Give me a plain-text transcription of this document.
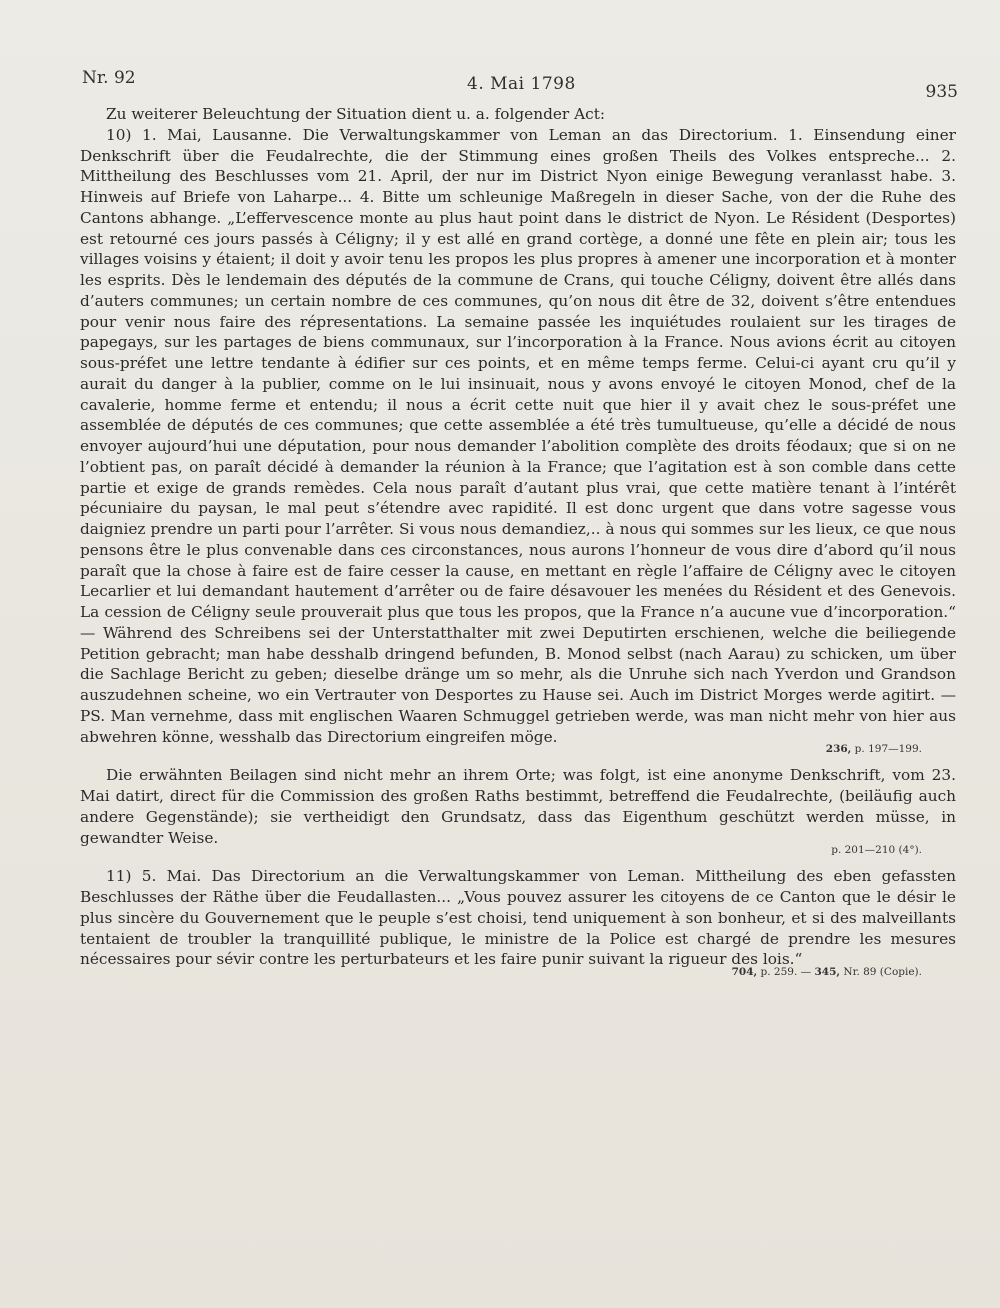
Nr. 92	4. Mai 1798	935

Zu weiterer Beleuchtung der Situation dient u. a. folgender Act:

10) 1. Mai, Lausanne. Die Verwaltungskammer von Leman an das Directorium. 1. Einsendung einer Denkschrift über die Feudalrechte, die der Stimmung eines großen Theils des Volkes entspreche... 2. Mittheilung des Beschlusses vom 21. April, der nur im District Nyon einige Bewegung veranlasst habe. 3. Hinweis auf Briefe von Laharpe... 4. Bitte um schleunige Maßregeln in dieser Sache, von der die Ruhe des Cantons abhange. „L’effervescence monte au plus haut point dans le district de Nyon. Le Résident (Desportes) est retourné ces jours passés à Céligny; il y est allé en grand cortège, a donné une fête en plein air; tous les villages voisins y étaient; il doit y avoir tenu les propos les plus propres à amener une incorporation et à monter les esprits. Dès le lendemain des députés de la commune de Crans, qui touche Céligny, doivent être allés dans d’auters communes; un certain nombre de ces communes, qu’on nous dit être de 32, doivent s’être entendues pour venir nous faire des répresentations. La semaine passée les inquiétudes roulaient sur les tirages de papegays, sur les partages de biens communaux, sur l’incorporation à la France. Nous avions écrit au citoyen sous-préfet une lettre tendante à édifier sur ces points, et en même temps ferme. Celui-ci ayant cru qu’il y aurait du danger à la publier, comme on le lui insinuait, nous y avons envoyé le citoyen Monod, chef de la cavalerie, homme ferme et entendu; il nous a écrit cette nuit que hier il y avait chez le sous-préfet une assemblée de députés de ces communes; que cette assemblée a été très tumultueuse, qu’elle a décidé de nous envoyer aujourd’hui une députation, pour nous demander l’abolition complète des droits féodaux; que si on ne l’obtient pas, on paraît décidé à demander la réunion à la France; que l’agitation est à son comble dans cette partie et exige de grands remèdes. Cela nous paraît d’autant plus vrai, que cette matière tenant à l’intérêt pécuniaire du paysan, le mal peut s’étendre avec rapidité. Il est donc urgent que dans votre sagesse vous daigniez prendre un parti pour l’arrêter. Si vous nous demandiez,.. à nous qui sommes sur les lieux, ce que nous pensons être le plus convenable dans ces circonstances, nous aurons l’honneur de vous dire d’abord qu’il nous paraît que la chose à faire est de faire cesser la cause, en mettant en règle l’affaire de Céligny avec le citoyen Lecarlier et lui demandant hautement d’arrêter ou de faire désavouer les menées du Résident et des Genevois. La cession de Céligny seule prouverait plus que tous les propos, que la France n’a aucune vue d’incorporation.“ — Während des Schreibens sei der Unterstatthalter mit zwei Deputirten erschienen, welche die beiliegende Petition gebracht; man habe desshalb dringend befunden, B. Monod selbst (nach Aarau) zu schicken, um über die Sachlage Bericht zu geben; dieselbe dränge um so mehr, als die Unruhe sich nach Yverdon und Grandson auszudehnen scheine, wo ein Vertrauter von Desportes zu Hause sei. Auch im District Morges werde agitirt. — PS. Man vernehme, dass mit englischen Waaren Schmuggel getrieben werde, was man nicht mehr von hier aus abwehren könne, wesshalb das Directorium eingreifen möge.

236, p. 197—199.

Die erwähnten Beilagen sind nicht mehr an ihrem Orte; was folgt, ist eine anonyme Denkschrift, vom 23. Mai datirt, direct für die Commission des großen Raths bestimmt, betreffend die Feudalrechte, (beiläufig auch andere Gegenstände); sie vertheidigt den Grundsatz, dass das Eigenthum geschützt werden müsse, in gewandter Weise.

p. 201—210 (4°).

11) 5. Mai. Das Directorium an die Verwaltungskammer von Leman. Mittheilung des eben gefassten Beschlusses der Räthe über die Feudallasten... „Vous pouvez assurer les citoyens de ce Canton que le désir le plus sincère du Gouvernement que le peuple s’est choisi, tend uniquement à son bonheur, et si des malveillants tentaient de troubler la tranquillité publique, le ministre de la Police est chargé de prendre les mesures nécessaires pour sévir contre les perturbateurs et les faire punir suivant la rigueur des lois.“

704, p. 259. — 345, Nr. 89 (Copie).
